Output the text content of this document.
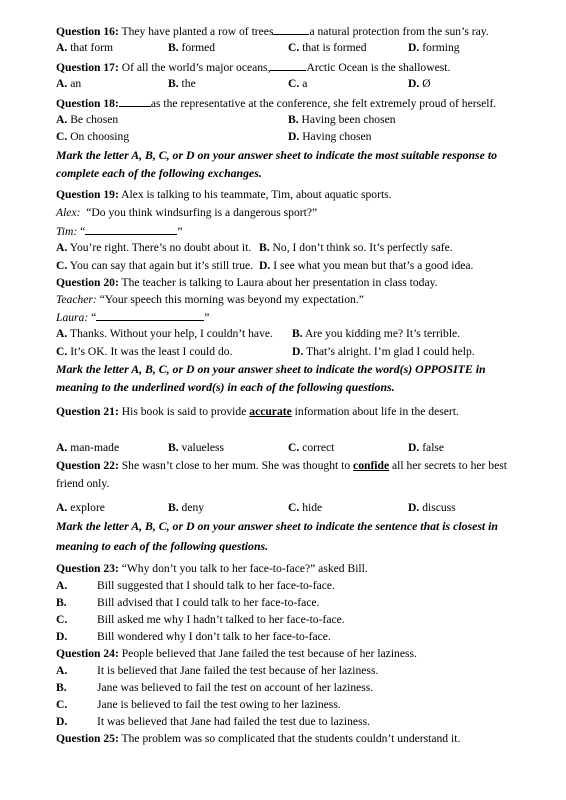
Question 16: They have planted a row of trees	a natural protection from the sun’s ray.
A. that form	B. formed	C. that is formed	D. forming
Question 17: Of all the world’s major oceans,	Arctic Ocean is the shallowest.
A. an	B. the	C. a	D. Ø
Question 18:	as the representative at the conference, she felt extremely proud of herself.
A. Be chosen	B. Having been chosen
C. On choosing	D. Having chosen
Mark the letter A, B, C, or D on your answer sheet to indicate the most suitable response to
complete each of the following exchanges.
Question 19: Alex is talking to his teammate, Tim, about aquatic sports.
Alex: “Do you think windsurfing is a dangerous sport?”
Tim: “	”
A. You’re right. There’s no doubt about it. B. No, I don’t think so. It’s perfectly safe.
C. You can say that again but it’s still true. D. I see what you mean but that’s a good idea.
Question 20: The teacher is talking to Laura about her presentation in class today.
Teacher: “Your speech this morning was beyond my expectation.”
Laura: “	”
A. Thanks. Without your help, I couldn’t have. B. Are you kidding me? It’s terrible.
C. It’s OK. It was the least I could do.	D. That’s alright. I’m glad I could help.
Mark the letter A, B, C, or D on your answer sheet to indicate the word(s) OPPOSITE in
meaning to the underlined word(s) in each of the following questions.
Question 21: His book is said to provide accurate information about life in the desert.
A. man-made	B. valueless	C. correct	D. false
Question 22: She wasn’t close to her mum. She was thought to confide all her secrets to her best
friend only.
A. explore	B. deny	C. hide	D. discuss
Mark the letter A, B, C, or D on your answer sheet to indicate the sentence that is closest in
meaning to each of the following questions.
Question 23: “Why don’t you talk to her face-to-face?” asked Bill.
A.	Bill suggested that I should talk to her face-to-face.
B.	Bill advised that I could talk to her face-to-face.
C.	Bill asked me why I hadn’t talked to her face-to-face.
D.	Bill wondered why I don’t talk to her face-to-face.
Question 24: People believed that Jane failed the test because of her laziness.
A.	It is believed that Jane failed the test because of her laziness.
B.	Jane was believed to fail the test on account of her laziness.
C.	Jane is believed to fail the test owing to her laziness.
D.	It was believed that Jane had failed the test due to laziness.
Question 25: The problem was so complicated that the students couldn’t understand it.
